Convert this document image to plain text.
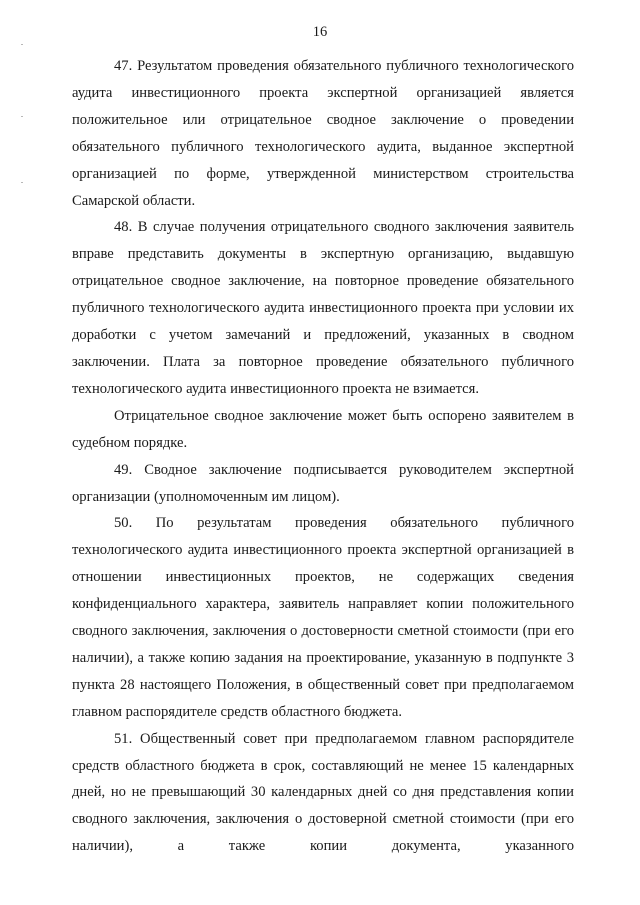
16

47. Результатом проведения обязательного публичного технологического аудита инвестиционного проекта экспертной организацией является положительное или отрицательное сводное заключение о проведении обязательного публичного технологического аудита, выданное экспертной организацией по форме, утвержденной министерством строительства Самарской области.

48. В случае получения отрицательного сводного заключения заявитель вправе представить документы в экспертную организацию, выдавшую отрицательное сводное заключение, на повторное проведение обязательного публичного технологического аудита инвестиционного проекта при условии их доработки с учетом замечаний и предложений, указанных в сводном заключении. Плата за повторное проведение обязательного публичного технологического аудита инвестиционного проекта не взимается.

Отрицательное сводное заключение может быть оспорено заявителем в судебном порядке.

49. Сводное заключение подписывается руководителем экспертной организации (уполномоченным им лицом).

50. По результатам проведения обязательного публичного технологического аудита инвестиционного проекта экспертной организацией в отношении инвестиционных проектов, не содержащих сведения конфиденциального характера, заявитель направляет копии положительного сводного заключения, заключения о достоверности сметной стоимости (при его наличии), а также копию задания на проектирование, указанную в подпункте 3 пункта 28 настоящего Положения, в общественный совет при предполагаемом главном распорядителе средств областного бюджета.

51. Общественный совет при предполагаемом главном распорядителе средств областного бюджета в срок, составляющий не менее 15 календарных дней, но не превышающий 30 календарных дней со дня представления копии сводного заключения, заключения о достоверной сметной стоимости (при его наличии), а также копии документа, указанного
